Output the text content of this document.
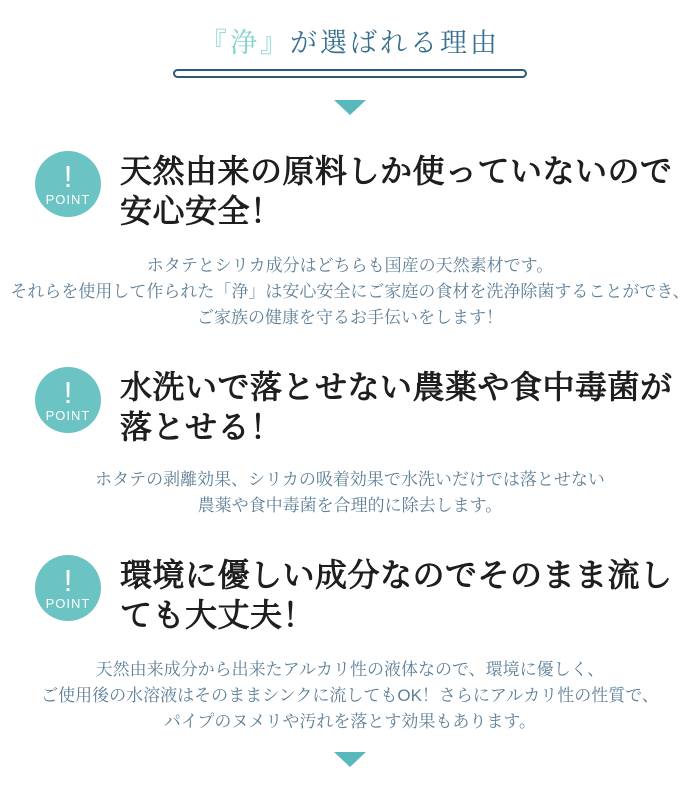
『浄』が選ばれる理由
!
POINT
天然由来の原料しか使っていないので
安心安全！

ホタテとシリカ成分はどちらも国産の天然素材です。
それらを使用して作られた「浄」は安心安全にご家庭の食材を洗浄除菌することができ、
ご家族の健康を守るお手伝いをします！

!
POINT
水洗いで落とせない農薬や食中毒菌が
落とせる！

ホタテの剥離効果、シリカの吸着効果で水洗いだけでは落とせない
農薬や食中毒菌を合理的に除去します。

!
POINT
環境に優しい成分なのでそのまま流し
ても大丈夫！

天然由来成分から出来たアルカリ性の液体なので、環境に優しく、
ご使用後の水溶液はそのままシンクに流してもOK！さらにアルカリ性の性質で、
パイプのヌメリや汚れを落とす効果もあります。
